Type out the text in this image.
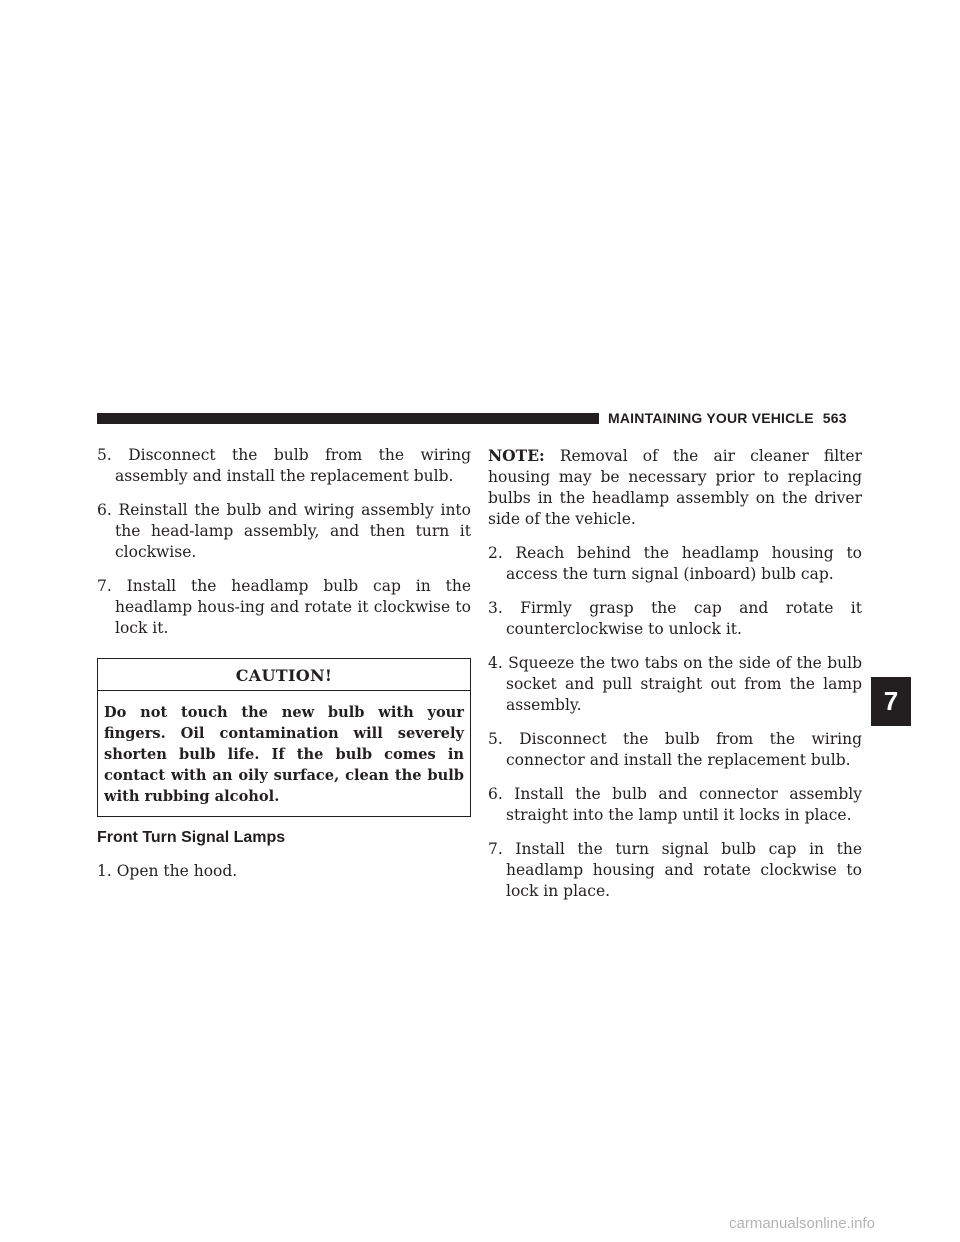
MAINTAINING YOUR VEHICLE 563

5. Disconnect the bulb from the wiring assembly and install the replacement bulb.

6. Reinstall the bulb and wiring assembly into the head-lamp assembly, and then turn it clockwise.

7. Install the headlamp bulb cap in the headlamp hous-ing and rotate it clockwise to lock it.

CAUTION!
Do not touch the new bulb with your fingers. Oil contamination will severely shorten bulb life. If the bulb comes in contact with an oily surface, clean the bulb with rubbing alcohol.
Front Turn Signal Lamps

1. Open the hood.

NOTE: Removal of the air cleaner filter housing may be necessary prior to replacing bulbs in the headlamp assembly on the driver side of the vehicle.

2. Reach behind the headlamp housing to access the turn signal (inboard) bulb cap.

3. Firmly grasp the cap and rotate it counterclockwise to unlock it.

4. Squeeze the two tabs on the side of the bulb socket and pull straight out from the lamp assembly.

5. Disconnect the bulb from the wiring connector and install the replacement bulb.

6. Install the bulb and connector assembly straight into the lamp until it locks in place.

7. Install the turn signal bulb cap in the headlamp housing and rotate clockwise to lock in place.

7
carmanualsonline.info
